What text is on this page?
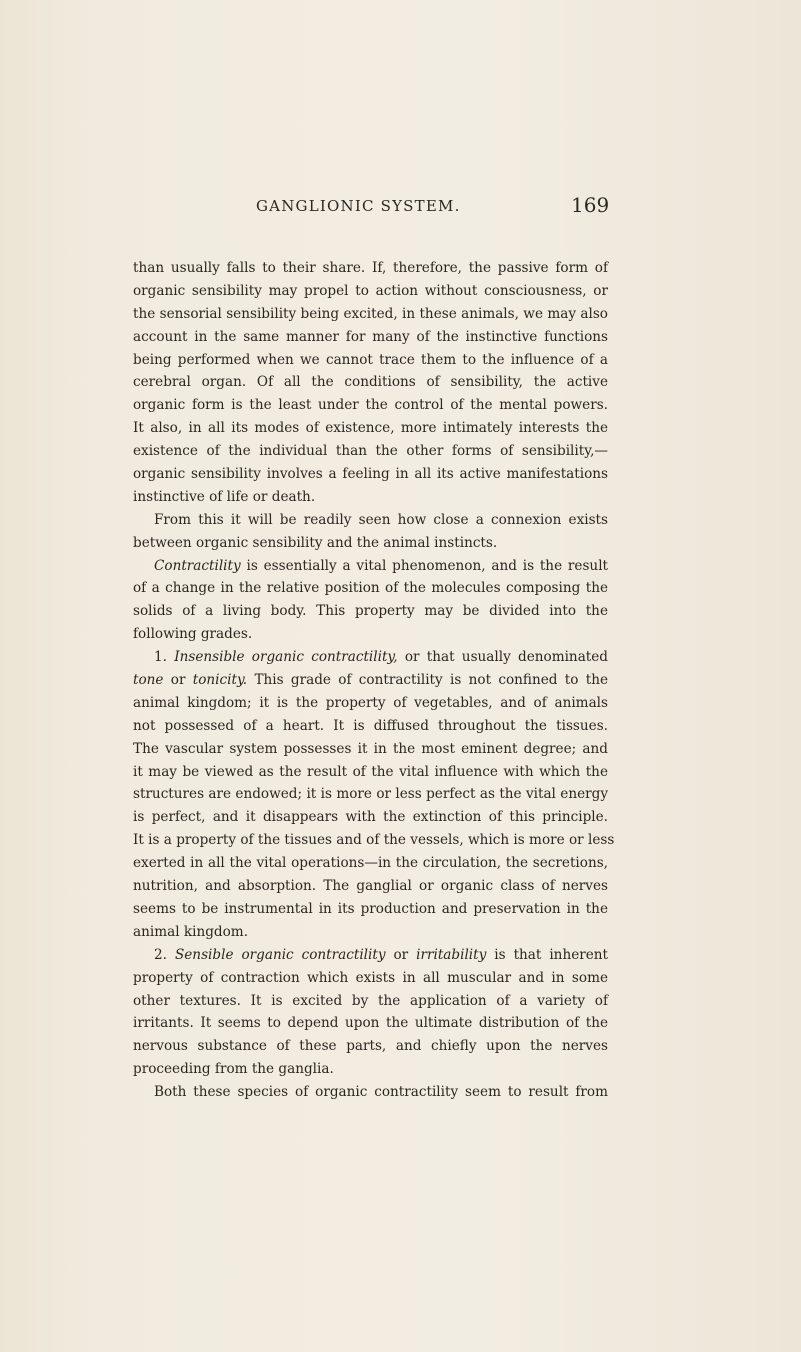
GANGLIONIC SYSTEM.	169
than usually falls to their share. If, therefore, the passive form of
organic sensibility may propel to action without consciousness, or
the sensorial sensibility being excited, in these animals, we may also
account in the same manner for many of the instinctive functions
being performed when we cannot trace them to the influence of a
cerebral organ. Of all the conditions of sensibility, the active
organic form is the least under the control of the mental powers.
It also, in all its modes of existence, more intimately interests the
existence of the individual than the other forms of sensibility,—
organic sensibility involves a feeling in all its active manifestations
instinctive of life or death.
From this it will be readily seen how close a connexion exists
between organic sensibility and the animal instincts.
Contractility is essentially a vital phenomenon, and is the result
of a change in the relative position of the molecules composing the
solids of a living body. This property may be divided into the
following grades.
1. Insensible organic contractility, or that usually denominated
tone or tonicity. This grade of contractility is not confined to the
animal kingdom; it is the property of vegetables, and of animals
not possessed of a heart. It is diffused throughout the tissues.
The vascular system possesses it in the most eminent degree; and
it may be viewed as the result of the vital influence with which the
structures are endowed; it is more or less perfect as the vital energy
is perfect, and it disappears with the extinction of this principle.
It is a property of the tissues and of the vessels, which is more or less
exerted in all the vital operations—in the circulation, the secretions,
nutrition, and absorption. The ganglial or organic class of nerves
seems to be instrumental in its production and preservation in the
animal kingdom.
2. Sensible organic contractility or irritability is that inherent
property of contraction which exists in all muscular and in some
other textures. It is excited by the application of a variety of
irritants. It seems to depend upon the ultimate distribution of the
nervous substance of these parts, and chiefly upon the nerves
proceeding from the ganglia.
Both these species of organic contractility seem to result from
